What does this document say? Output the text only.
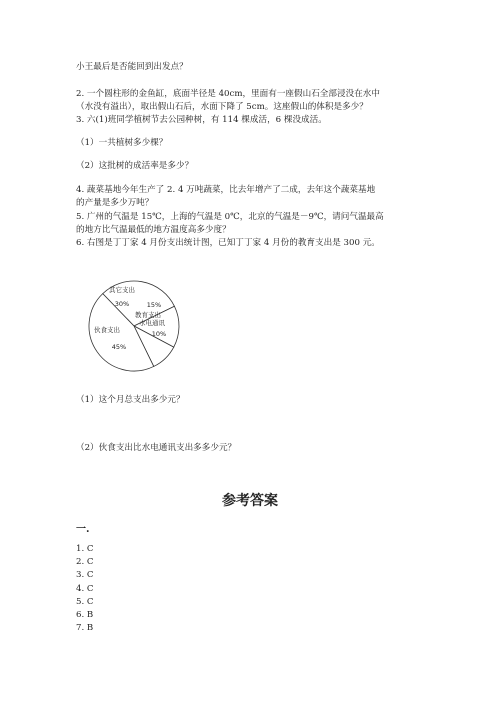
小王最后是否能回到出发点？

2. 一个圆柱形的金鱼缸，底面半径是 40cm，里面有一座假山石全部浸没在水中

（水没有溢出），取出假山石后，水面下降了 5cm。这座假山的体积是多少？

3. 六(1)班同学植树节去公园种树，有 114 棵成活，6 棵没成活。

（1）一共植树多少棵？

（2）这批树的成活率是多少？

4. 蔬菜基地今年生产了 2. 4 万吨蔬菜，比去年增产了二成，去年这个蔬菜基地

的产量是多少万吨？

5. 广州的气温是 15℃，上海的气温是 0℃，北京的气温是－9℃，请问气温最高

的地方比气温最低的地方温度高多少度？

6. 右图是丁丁家 4 月份支出统计图，已知丁丁家 4 月份的教育支出是 300 元。

其它支出
30%
教育支出
15%
水电通讯
10%
伙食支出
45%

（1）这个月总支出多少元？

（2）伙食支出比水电通讯支出多多少元？

参考答案

一.

1. C
2. C
3. C
4. C
5. C
6. B
7. B
